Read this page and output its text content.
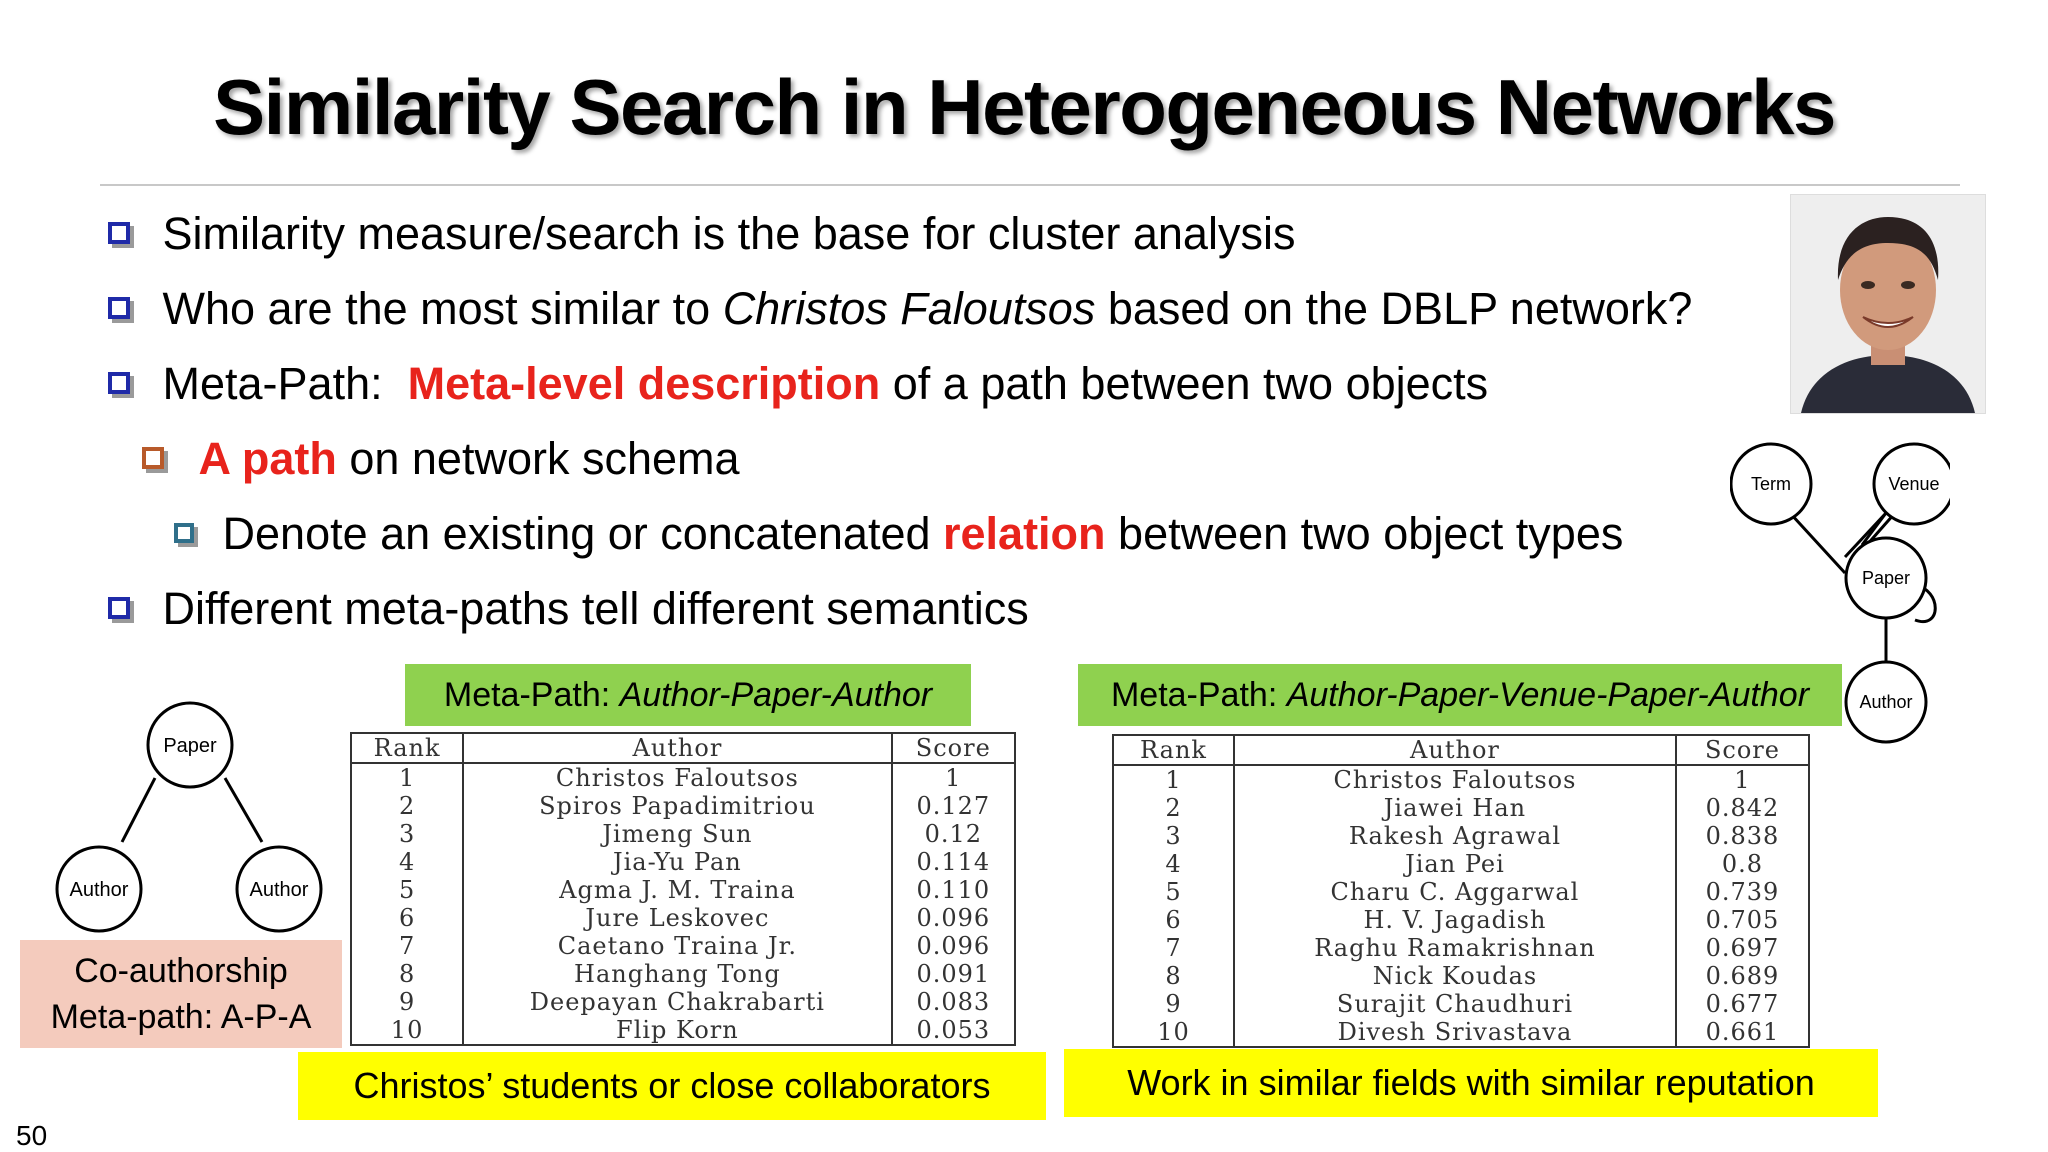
Similarity Search in Heterogeneous Networks
Similarity measure/search is the base for cluster analysis
Who are the most similar to Christos Faloutsos based on the DBLP network?
Meta-Path:  Meta-level description of a path between two objects
A path on network schema
Denote an existing or concatenated relation between two object types
Different meta-paths tell different semantics
Term	Venue
Paper
Author
Paper
Author	Author
Co-authorship
Meta-path: A-P-A
Meta-Path: Author-Paper-Author
Rank	Author	Score
1	Christos Faloutsos	1
2	Spiros Papadimitriou	0.127
3	Jimeng Sun	0.12
4	Jia-Yu Pan	0.114
5	Agma J. M. Traina	0.110
6	Jure Leskovec	0.096
7	Caetano Traina Jr.	0.096
8	Hanghang Tong	0.091
9	Deepayan Chakrabarti	0.083
10	Flip Korn	0.053
Christos’ students or close collaborators
Meta-Path: Author-Paper-Venue-Paper-Author
Rank	Author	Score
1	Christos Faloutsos	1
2	Jiawei Han	0.842
3	Rakesh Agrawal	0.838
4	Jian Pei	0.8
5	Charu C. Aggarwal	0.739
6	H. V. Jagadish	0.705
7	Raghu Ramakrishnan	0.697
8	Nick Koudas	0.689
9	Surajit Chaudhuri	0.677
10	Divesh Srivastava	0.661
Work in similar fields with similar reputation
50
